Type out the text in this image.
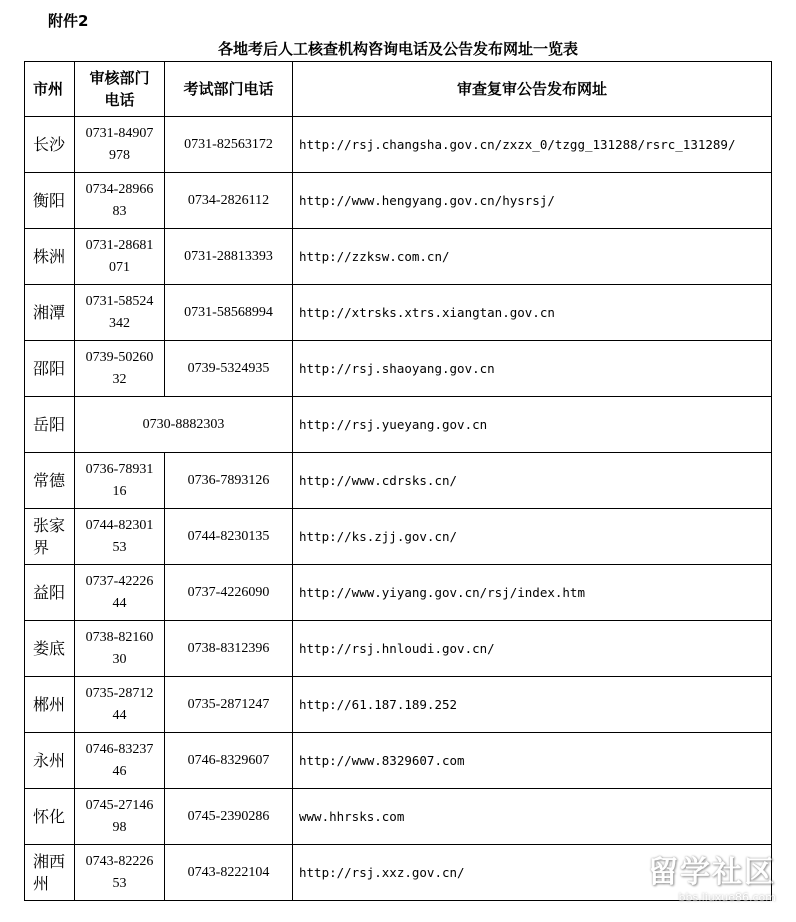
附件2
各地考后人工核查机构咨询电话及公告发布网址一览表
市州	审核部门电话	考试部门电话	审查复审公告发布网址

长沙	0731-84907978	0731-82563172	http://rsj.changsha.gov.cn/zxzx_0/tzgg_131288/rsrc_131289/

衡阳	0734-2896683	0734-2826112	http://www.hengyang.gov.cn/hysrsj/

株洲	0731-28681071	0731-28813393	http://zzksw.com.cn/

湘潭	0731-58524342	0731-58568994	http://xtrsks.xtrs.xiangtan.gov.cn

邵阳	0739-5026032	0739-5324935	http://rsj.shaoyang.gov.cn

岳阳	0730-8882303		http://rsj.yueyang.gov.cn

常德	0736-7893116	0736-7893126	http://www.cdrsks.cn/

张家界	0744-8230153	0744-8230135	http://ks.zjj.gov.cn/

益阳	0737-4222644	0737-4226090	http://www.yiyang.gov.cn/rsj/index.htm

娄底	0738-8216030	0738-8312396	http://rsj.hnloudi.gov.cn/

郴州	0735-2871244	0735-2871247	http://61.187.189.252

永州	0746-8323746	0746-8329607	http://www.8329607.com

怀化	0745-2714698	0745-2390286	www.hhrsks.com

湘西州	0743-8222653	0743-8222104	http://rsj.xxz.gov.cn/	留学社区
bbs.liuxue86.com
